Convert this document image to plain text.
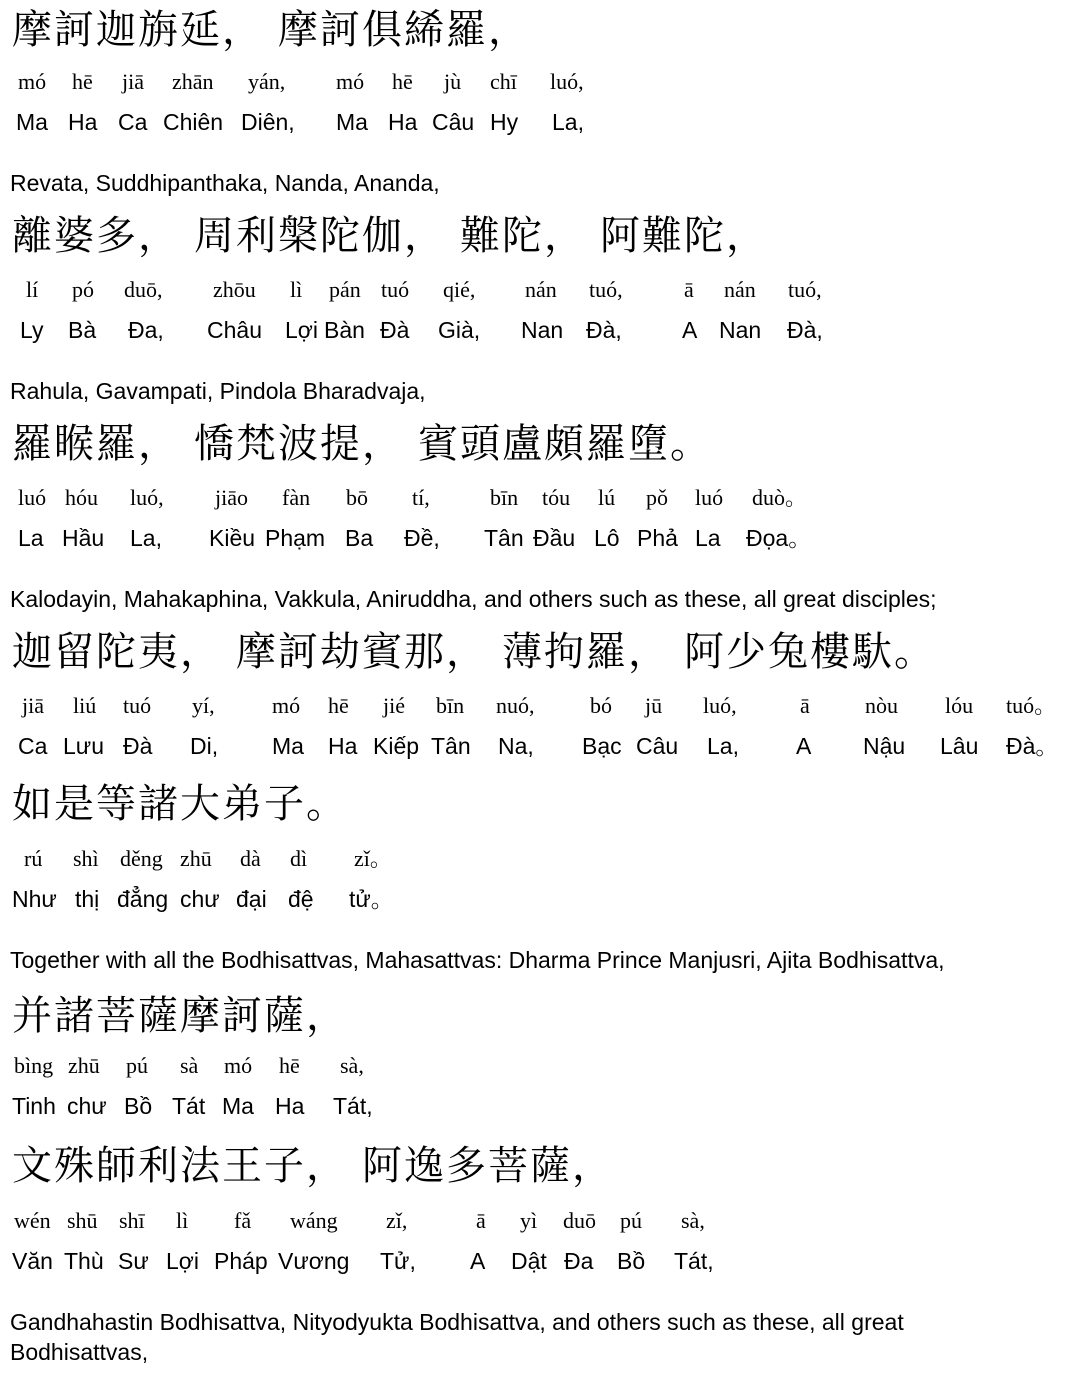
摩訶迦旃延， 摩訶俱絺羅，
mó hē jiā zhān yán, mó hē jù chī luó,
Ma Ha Ca Chiên Diên, Ma Ha Câu Hy La,
Revata, Suddhipanthaka, Nanda, Ananda,
離婆多， 周利槃陀伽， 難陀， 阿難陀，
lí pó duō, zhōu lì pán tuó qié, nán tuó,	ā nán tuó,
Ly Bà Đa, Châu Lợi Bàn Đà Già, Nan Đà,	A Nan Đà,
Rahula, Gavampati, Pindola Bharadvaja,
羅睺羅， 憍梵波提， 賓頭盧頗羅墮。
luó hóu luó, jiāo fàn bō tí,	bīn tóu lú pǒ luó duò。
La Hầu La, Kiều Phạm Ba Đề, Tân Đầu Lô Phả La Đọa。
Kalodayin, Mahakaphina, Vakkula, Aniruddha, and others such as these, all great disciples;
迦留陀夷， 摩訶劫賓那， 薄拘羅， 阿少兔樓馱。
jiā liú tuó yí,	mó hē jié bīn nuó,	bó jū luó,	ā	nòu lóu tuó。
Ca Lưu Đà Di, Ma Ha Kiếp Tân Na, Bạc Câu La, A Nậu Lâu Đà。
如是等諸大弟子。
rú shì děng zhū dà dì zǐ。
Như thị đẳng chư đại đệ tử。
Together with all the Bodhisattvas, Mahasattvas: Dharma Prince Manjusri, Ajita Bodhisattva,
并諸菩薩摩訶薩，
bìng zhū pú sà mó hē sà,
Tinh chư Bồ Tát Ma Ha Tát,
文殊師利法王子， 阿逸多菩薩，
wén shū shī lì fǎ wáng zǐ,	ā yì duō pú sà,
Văn Thù Sư Lợi Pháp Vương Tử, A Dật Đa Bồ Tát,
Gandhahastin Bodhisattva, Nityodyukta Bodhisattva, and others such as these, all great Bodhisattvas,
